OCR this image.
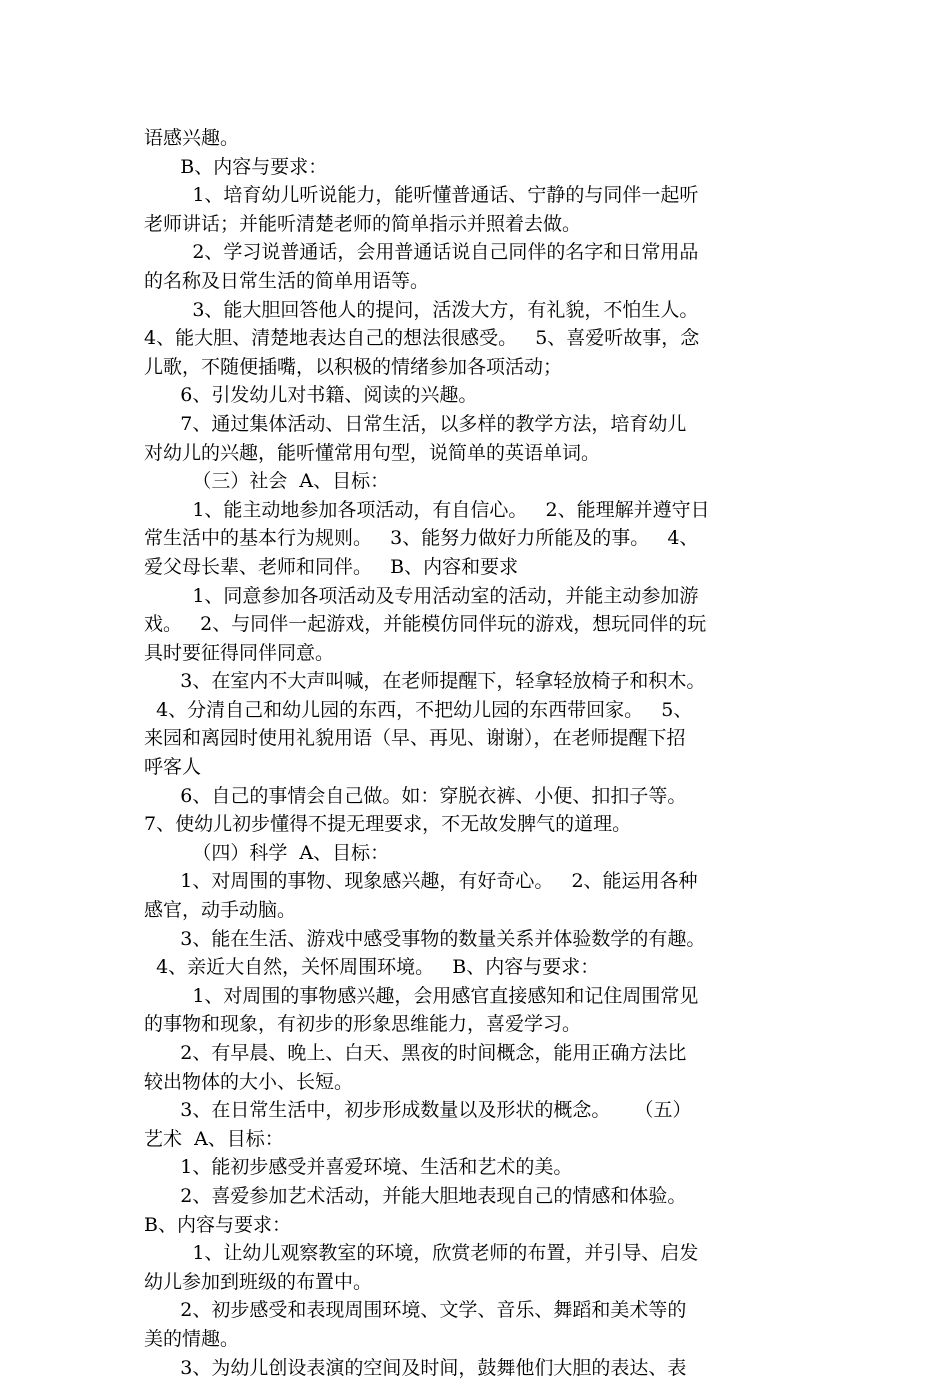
语感兴趣。
B、内容与要求：
1、培育幼儿听说能力，能听懂普通话、宁静的与同伴一起听
老师讲话；并能听清楚老师的简单指示并照着去做。
2、学习说普通话，会用普通话说自己同伴的名字和日常用品
的名称及日常生活的简单用语等。
3、能大胆回答他人的提问，活泼大方，有礼貌，不怕生人。
4、能大胆、清楚地表达自己的想法很感受。   5、喜爱听故事，念
儿歌，不随便插嘴，以积极的情绪参加各项活动；
6、引发幼儿对书籍、阅读的兴趣。
7、通过集体活动、日常生活，以多样的教学方法，培育幼儿
对幼儿的兴趣，能听懂常用句型，说简单的英语单词。
（三）社会  A、目标：
1、能主动地参加各项活动，有自信心。   2、能理解并遵守日
常生活中的基本行为规则。   3、能努力做好力所能及的事。   4、
爱父母长辈、老师和同伴。   B、内容和要求
1、同意参加各项活动及专用活动室的活动，并能主动参加游
戏。   2、与同伴一起游戏，并能模仿同伴玩的游戏，想玩同伴的玩
具时要征得同伴同意。
3、在室内不大声叫喊，在老师提醒下，轻拿轻放椅子和积木。
4、分清自己和幼儿园的东西，不把幼儿园的东西带回家。   5、
来园和离园时使用礼貌用语（早、再见、谢谢），在老师提醒下招
呼客人
6、自己的事情会自己做。如：穿脱衣裤、小便、扣扣子等。
7、使幼儿初步懂得不提无理要求，不无故发脾气的道理。
（四）科学  A、目标：
1、对周围的事物、现象感兴趣，有好奇心。   2、能运用各种
感官，动手动脑。
3、能在生活、游戏中感受事物的数量关系并体验数学的有趣。
4、亲近大自然，关怀周围环境。   B、内容与要求：
1、对周围的事物感兴趣，会用感官直接感知和记住周围常见
的事物和现象，有初步的形象思维能力，喜爱学习。
2、有早晨、晚上、白天、黑夜的时间概念，能用正确方法比
较出物体的大小、长短。
3、在日常生活中，初步形成数量以及形状的概念。    （五）
艺术  A、目标：
1、能初步感受并喜爱环境、生活和艺术的美。
2、喜爱参加艺术活动，并能大胆地表现自己的情感和体验。
B、内容与要求：
1、让幼儿观察教室的环境，欣赏老师的布置，并引导、启发
幼儿参加到班级的布置中。
2、初步感受和表现周围环境、文学、音乐、舞蹈和美术等的
美的情趣。
3、为幼儿创设表演的空间及时间，鼓舞他们大胆的表达、表
